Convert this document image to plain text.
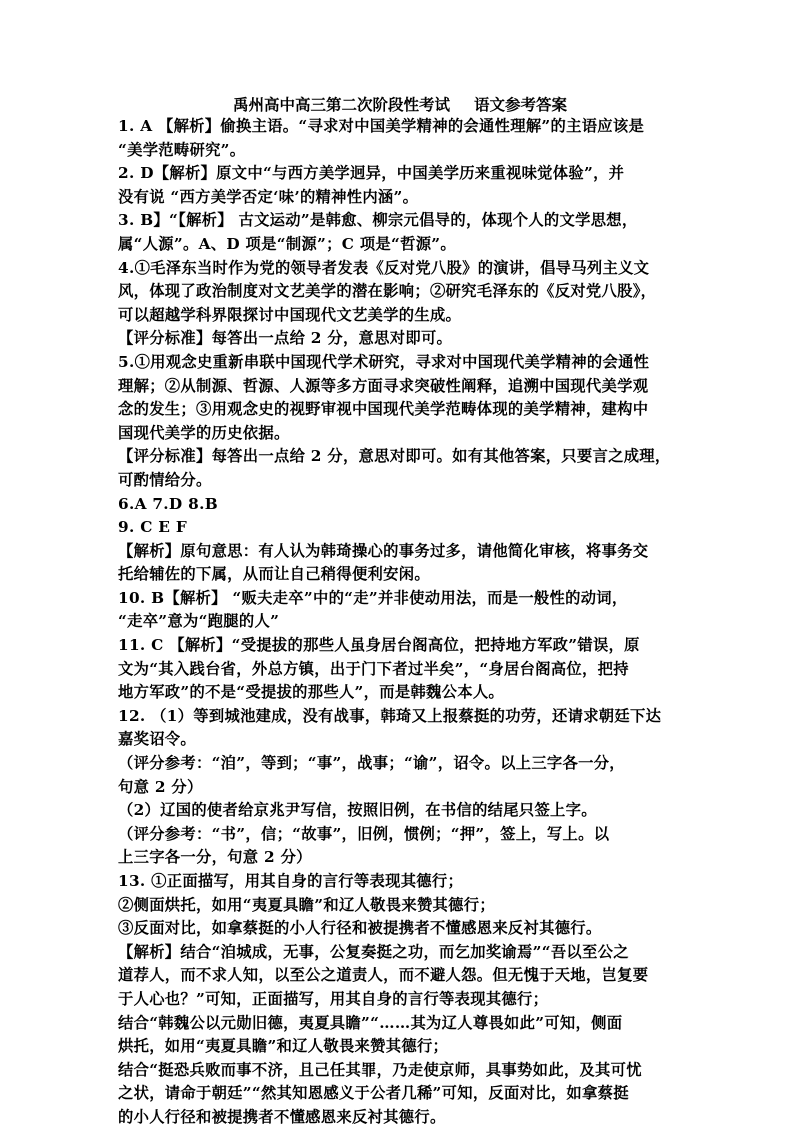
禹州高中高三第二次阶段性考试 语文参考答案
1. A 【解析】偷换主语。“寻求对中国美学精神的会通性理解”的主语应该是
“美学范畴研究”。
2. D【解析】原文中“与西方美学迥异，中国美学历来重视味觉体验”，并
没有说 “西方美学否定‘味’的精神性内涵”。
3. B】“【解析】 古文运动”是韩愈、柳宗元倡导的，体现个人的文学思想，
属“人源”。A、D 项是“制源”；C 项是“哲源”。
4.①毛泽东当时作为党的领导者发表《反对党八股》的演讲，倡导马列主义文
风，体现了政治制度对文艺美学的潜在影响；②研究毛泽东的《反对党八股》，
可以超越学科界限探讨中国现代文艺美学的生成。
【评分标准】每答出一点给 2 分，意思对即可。
5.①用观念史重新串联中国现代学术研究，寻求对中国现代美学精神的会通性
理解；②从制源、哲源、人源等多方面寻求突破性阐释，追溯中国现代美学观
念的发生；③用观念史的视野审视中国现代美学范畴体现的美学精神，建构中
国现代美学的历史依据。
【评分标准】每答出一点给 2 分，意思对即可。如有其他答案，只要言之成理，
可酌情给分。
6.A 7.D 8.B
9. C E F
【解析】原句意思：有人认为韩琦操心的事务过多，请他简化审核，将事务交
托给辅佐的下属，从而让自己稍得便利安闲。
10. B【解析】 “贩夫走卒”中的“走”并非使动用法，而是一般性的动词，
“走卒”意为“跑腿的人”
11. C 【解析】“受提拔的那些人虽身居台阁高位，把持地方军政”错误，原
文为“其入践台省，外总方镇，出于门下者过半矣”，“身居台阁高位，把持
地方军政”的不是“受提拔的那些人”，而是韩魏公本人。
12. （1）等到城池建成，没有战事，韩琦又上报蔡挺的功劳，还请求朝廷下达
嘉奖诏令。
（评分参考：“洎”，等到；“事”，战事；“谕”，诏令。以上三字各一分，
句意 2 分）
（2）辽国的使者给京兆尹写信，按照旧例，在书信的结尾只签上字。
（评分参考：“书”，信；“故事”，旧例，惯例；“押”，签上，写上。以
上三字各一分，句意 2 分）
13. ①正面描写，用其自身的言行等表现其德行；
②侧面烘托，如用“夷夏具瞻”和辽人敬畏来赞其德行；
③反面对比，如拿蔡挺的小人行径和被提携者不懂感恩来反衬其德行。
【解析】结合“洎城成，无事，公复奏挺之功，而乞加奖谕焉”“吾以至公之
道荐人，而不求人知，以至公之道责人，而不避人怨。但无愧于天地，岂复要
于人心也？”可知，正面描写，用其自身的言行等表现其德行；
结合“韩魏公以元勋旧德，夷夏具瞻”“……其为辽人尊畏如此”可知，侧面
烘托，如用“夷夏具瞻”和辽人敬畏来赞其德行；
结合“挺恐兵败而事不济，且己任其罪，乃走使京师，具事势如此，及其可忧
之状，请命于朝廷”“然其知恩感义于公者几稀”可知，反面对比，如拿蔡挺
的小人行径和被提携者不懂感恩来反衬其德行。
